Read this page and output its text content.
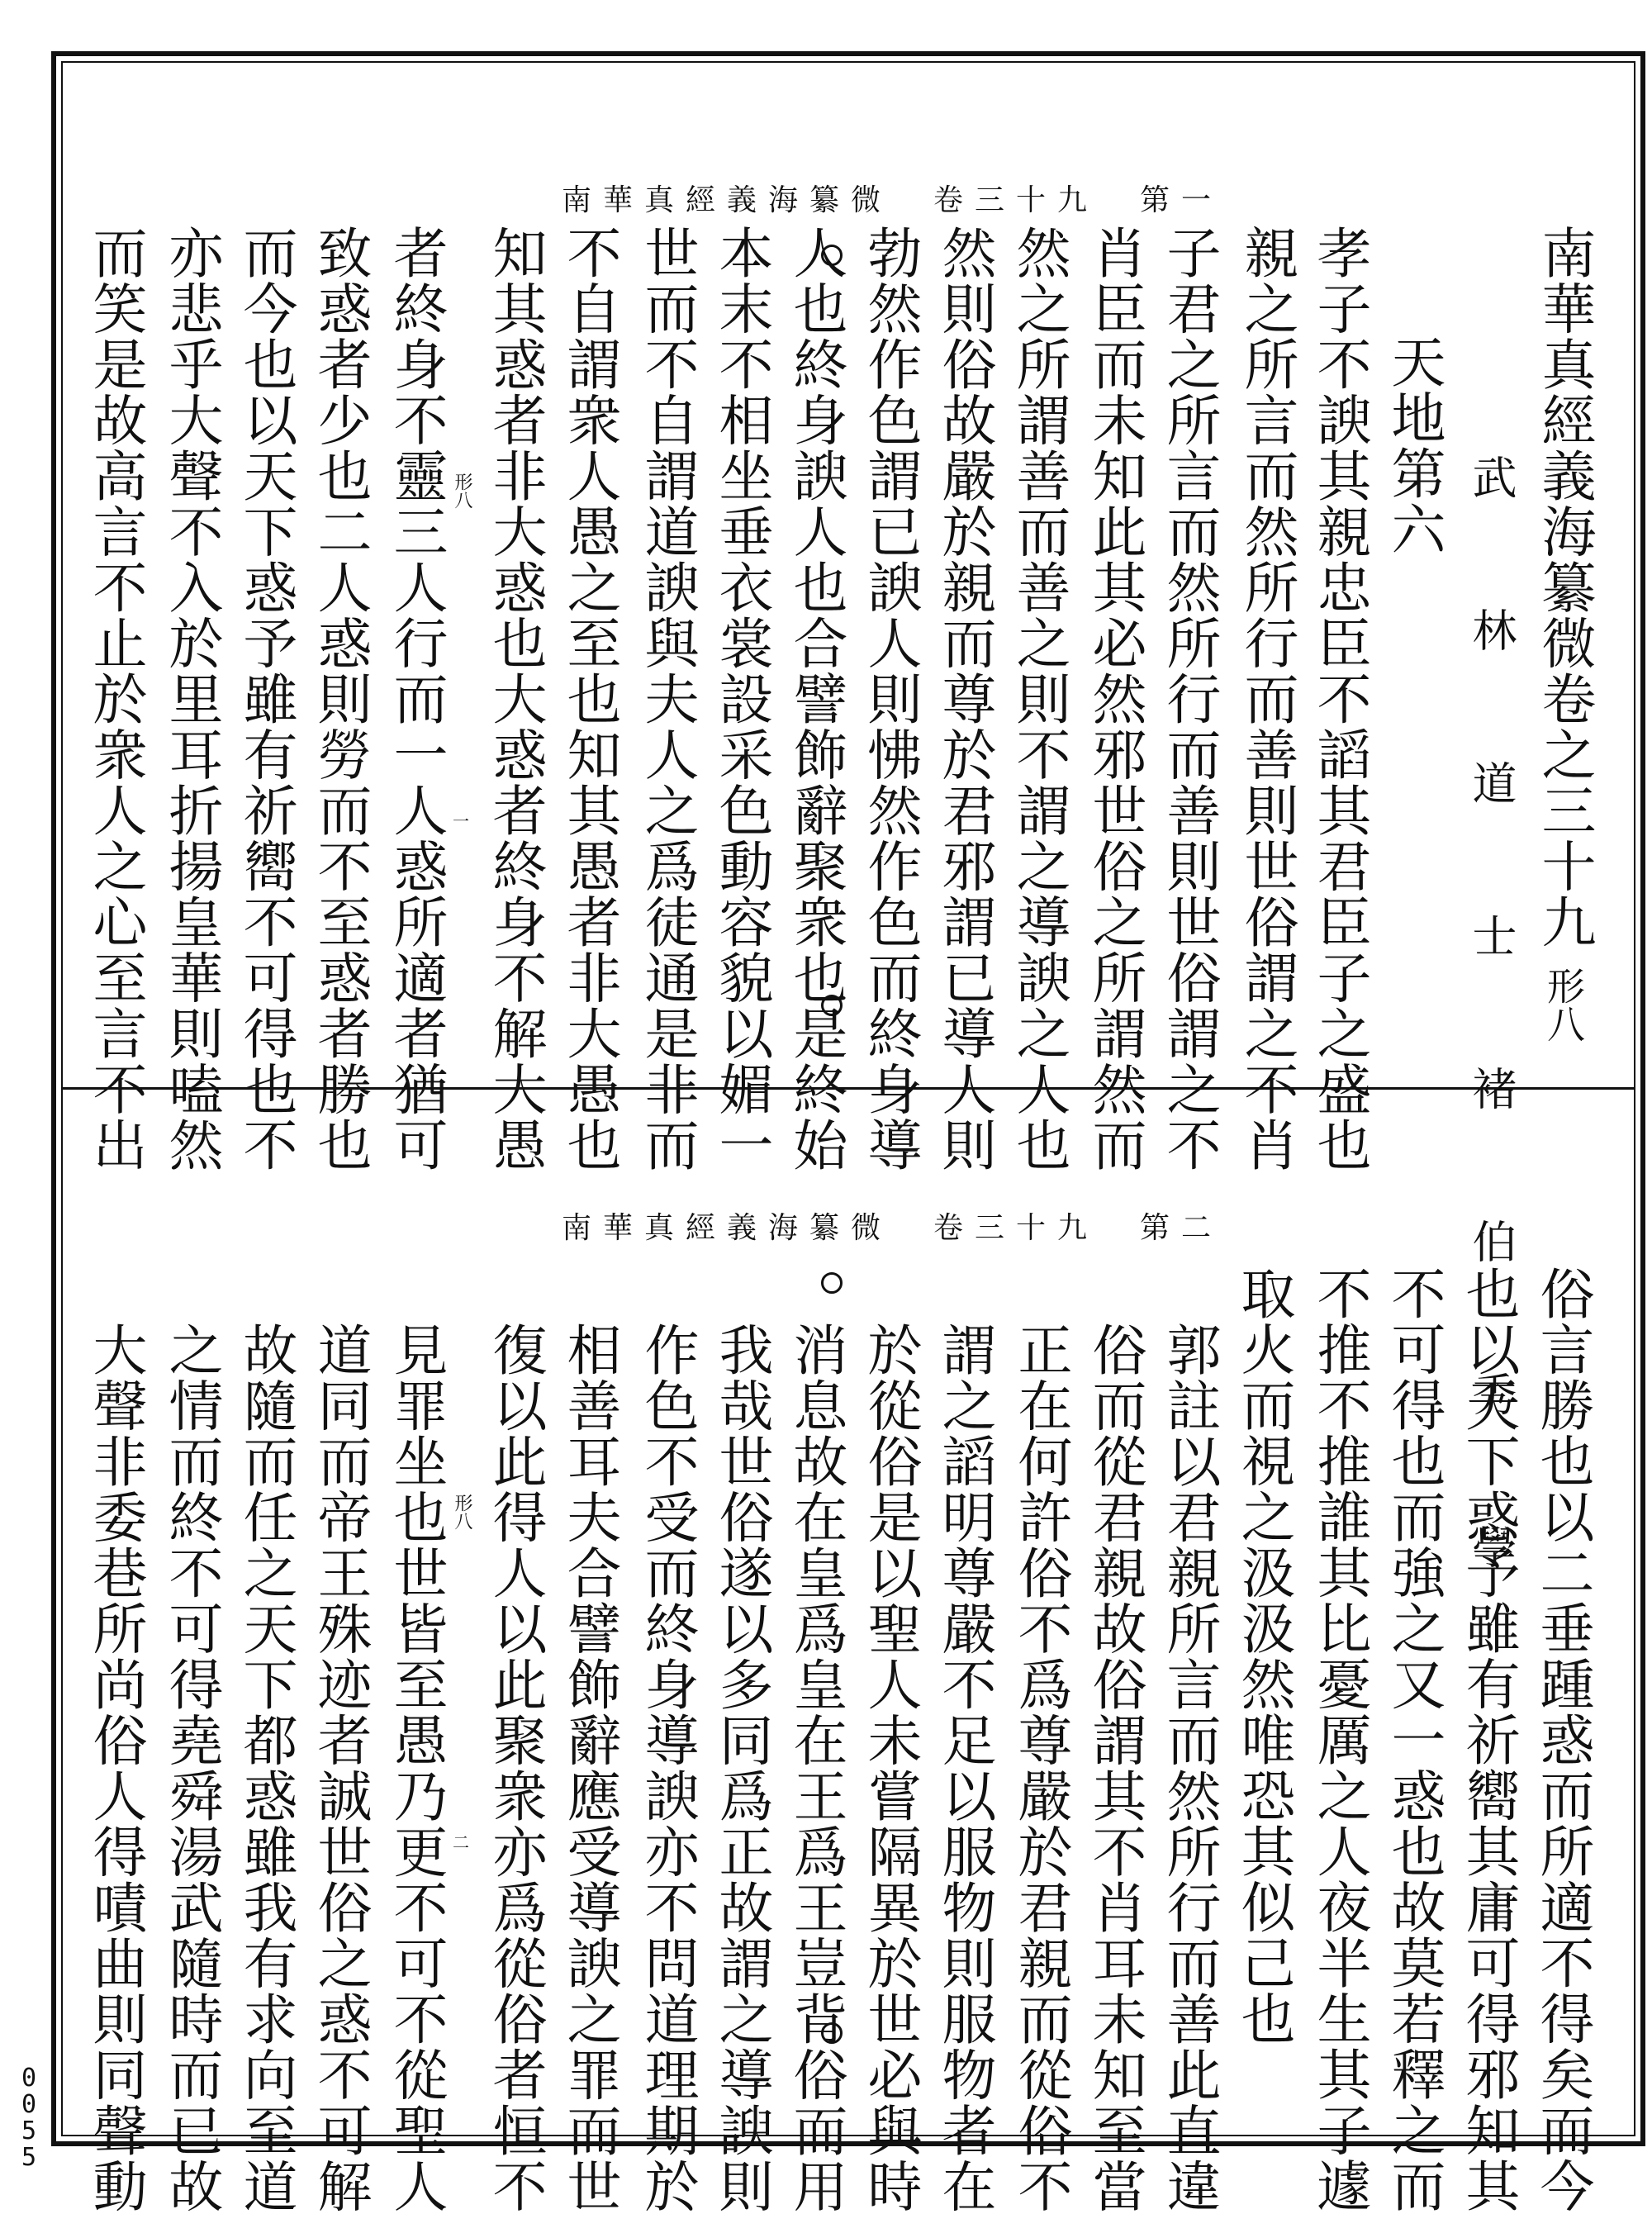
南華真經義海纂微　卷三十九　第一
形八
一	南華真經義海纂微卷之三十九
形八
武 林 道 士 褚 伯 秀 學
天地第六
孝子不諛其親忠臣不謟其君臣子之盛也
親之所言而然所行而善則世俗謂之不肖
子君之所言而然所行而善則世俗謂之不
肖臣而未知此其必然邪世俗之所謂然而
然之所謂善而善之則不謂之導諛之人也
然則俗故嚴於親而尊於君邪謂已導人則
勃然作色謂已諛人則怫然作色而終身導
人也終身諛人也合譬飾辭聚衆也是終始
本末不相坐垂衣裳設采色動容貌以媚一
世而不自謂道諛與夫人之爲徒通是非而
不自謂衆人愚之至也知其愚者非大愚也
知其惑者非大惑也大惑者終身不解大愚
者終身不靈三人行而一人惑所適者猶可
致惑者少也二人惑則勞而不至惑者勝也
而今也以天下惑予雖有祈嚮不可得也不
亦悲乎大聲不入於里耳折揚皇華則嗑然
而笑是故高言不止於衆人之心至言不出
南華真經義海纂微　卷三十九　第二
形八
二	俗言勝也以二垂踵惑而所適不得矣而今
也以天下惑予雖有祈嚮其庸可得邪知其
不可得也而強之又一惑也故莫若釋之而
不推不推誰其比憂厲之人夜半生其子遽
取火而視之汲汲然唯恐其似己也
郭註以君親所言而然所行而善此直違
俗而從君親故俗謂其不肖耳未知至當
正在何許俗不爲尊嚴於君親而從俗不
謂之謟明尊嚴不足以服物則服物者在
於從俗是以聖人未嘗隔異於世必與時
消息故在皇爲皇在王爲王豈背俗而用
我哉世俗遂以多同爲正故謂之導諛則
作色不受而終身導諛亦不問道理期於
相善耳夫合譬飾辭應受導諛之罪而世
復以此得人以此聚衆亦爲從俗者恒不
見罪坐也世皆至愚乃更不可不從聖人
道同而帝王殊迹者誠世俗之惑不可解
故隨而任之天下都惑雖我有求向至道
之情而終不可得堯舜湯武隨時而已故
大聲非委巷所尚俗人得嘖曲則同聲動
0055
